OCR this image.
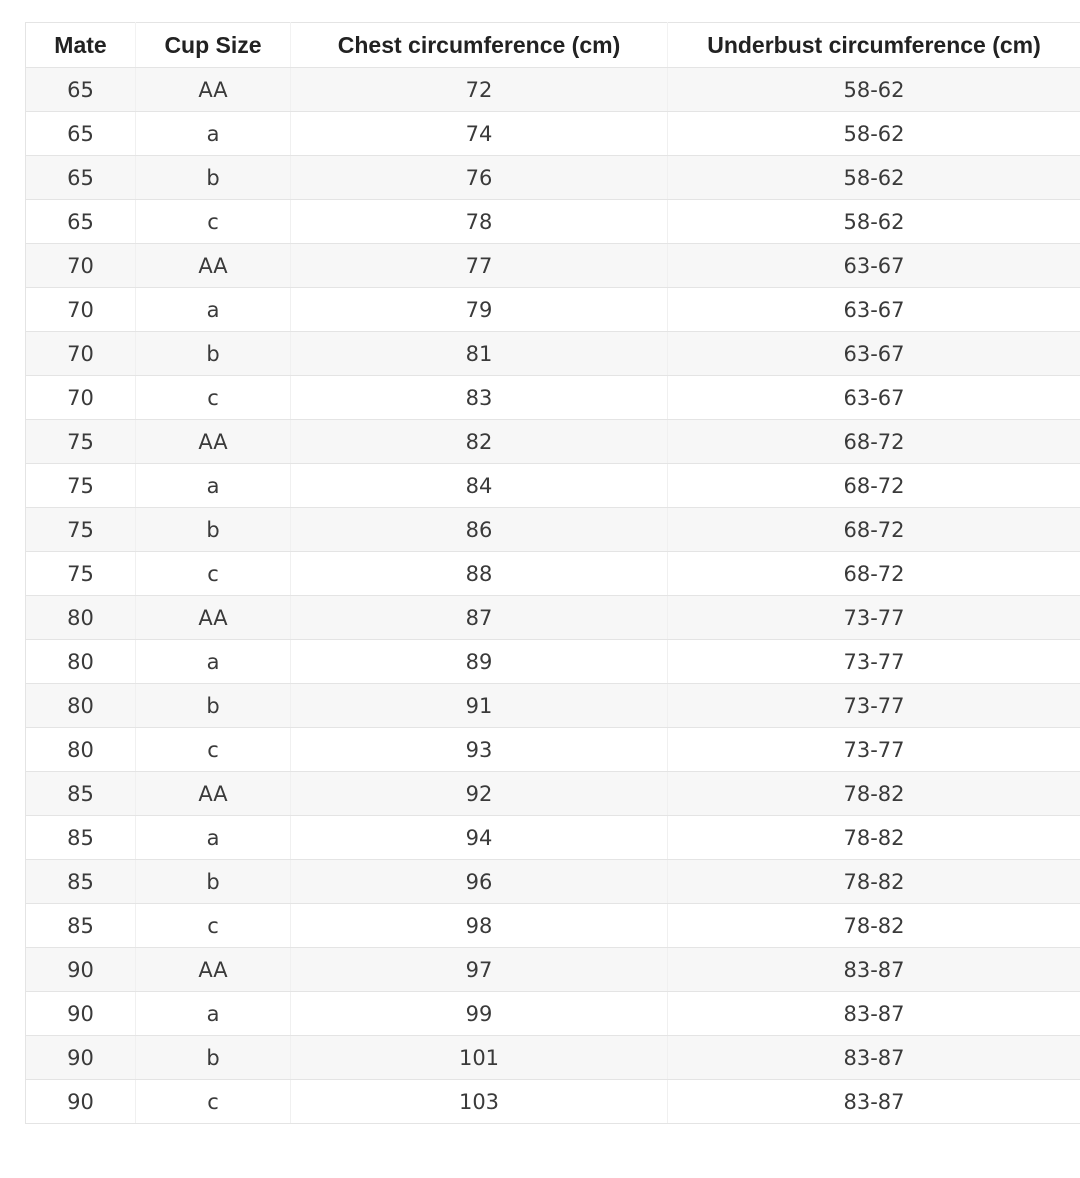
Mate	Cup Size	Chest circumference (cm)	Underbust circumference (cm)
65	AA	72	58-62
65	a	74	58-62
65	b	76	58-62
65	c	78	58-62
70	AA	77	63-67
70	a	79	63-67
70	b	81	63-67
70	c	83	63-67
75	AA	82	68-72
75	a	84	68-72
75	b	86	68-72
75	c	88	68-72
80	AA	87	73-77
80	a	89	73-77
80	b	91	73-77
80	c	93	73-77
85	AA	92	78-82
85	a	94	78-82
85	b	96	78-82
85	c	98	78-82
90	AA	97	83-87
90	a	99	83-87
90	b	101	83-87
90	c	103	83-87
